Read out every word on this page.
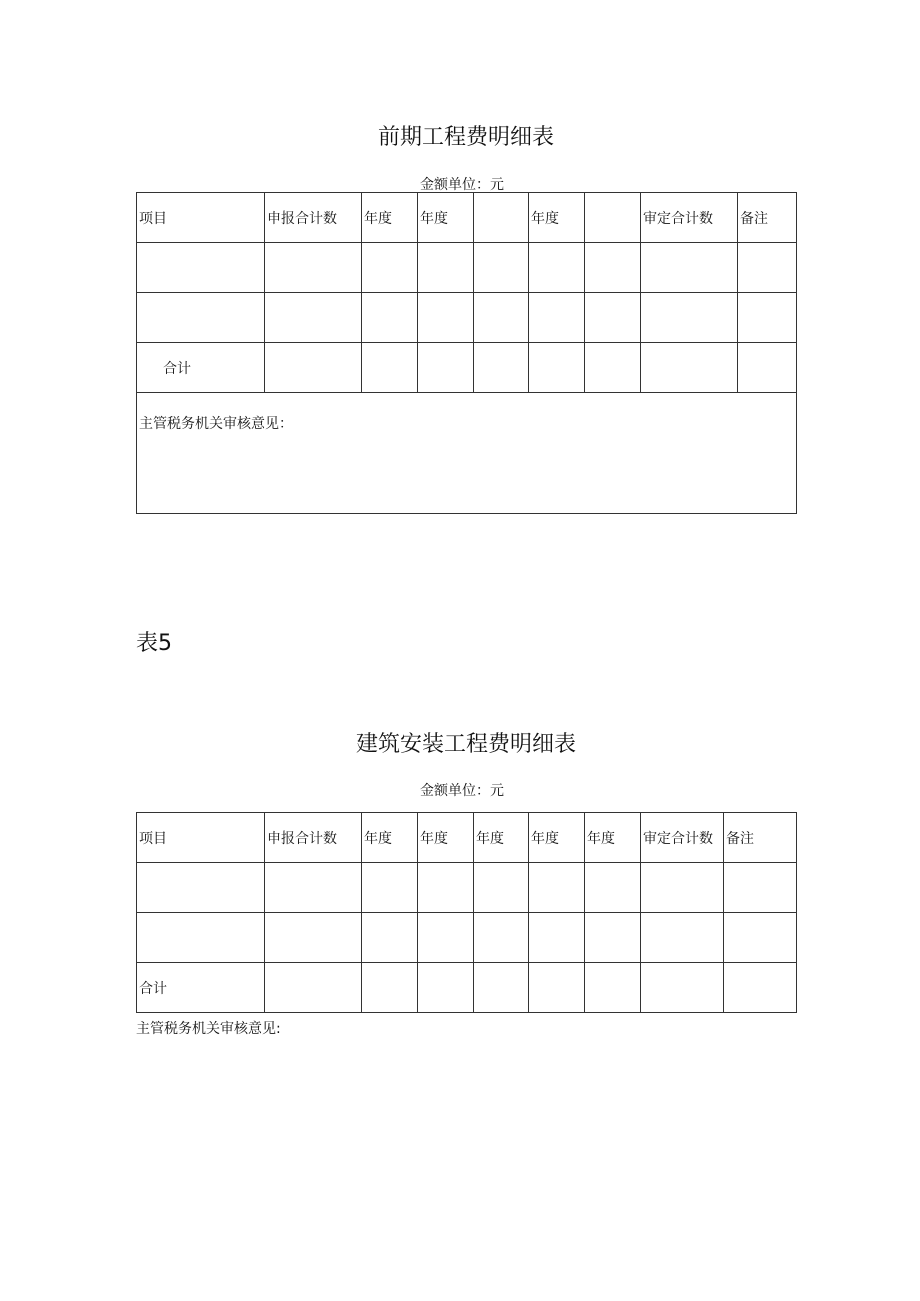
前期工程费明细表
金额单位：元
项目	申报合计数	年度	年度		年度		审定合计数	备注

合计								
主管税务机关审核意见：								
表5
建筑安装工程费明细表
金额单位：元
项目	申报合计数	年度	年度	年度	年度	年度	审定合计数	备注

合计								
主管税务机关审核意见:
